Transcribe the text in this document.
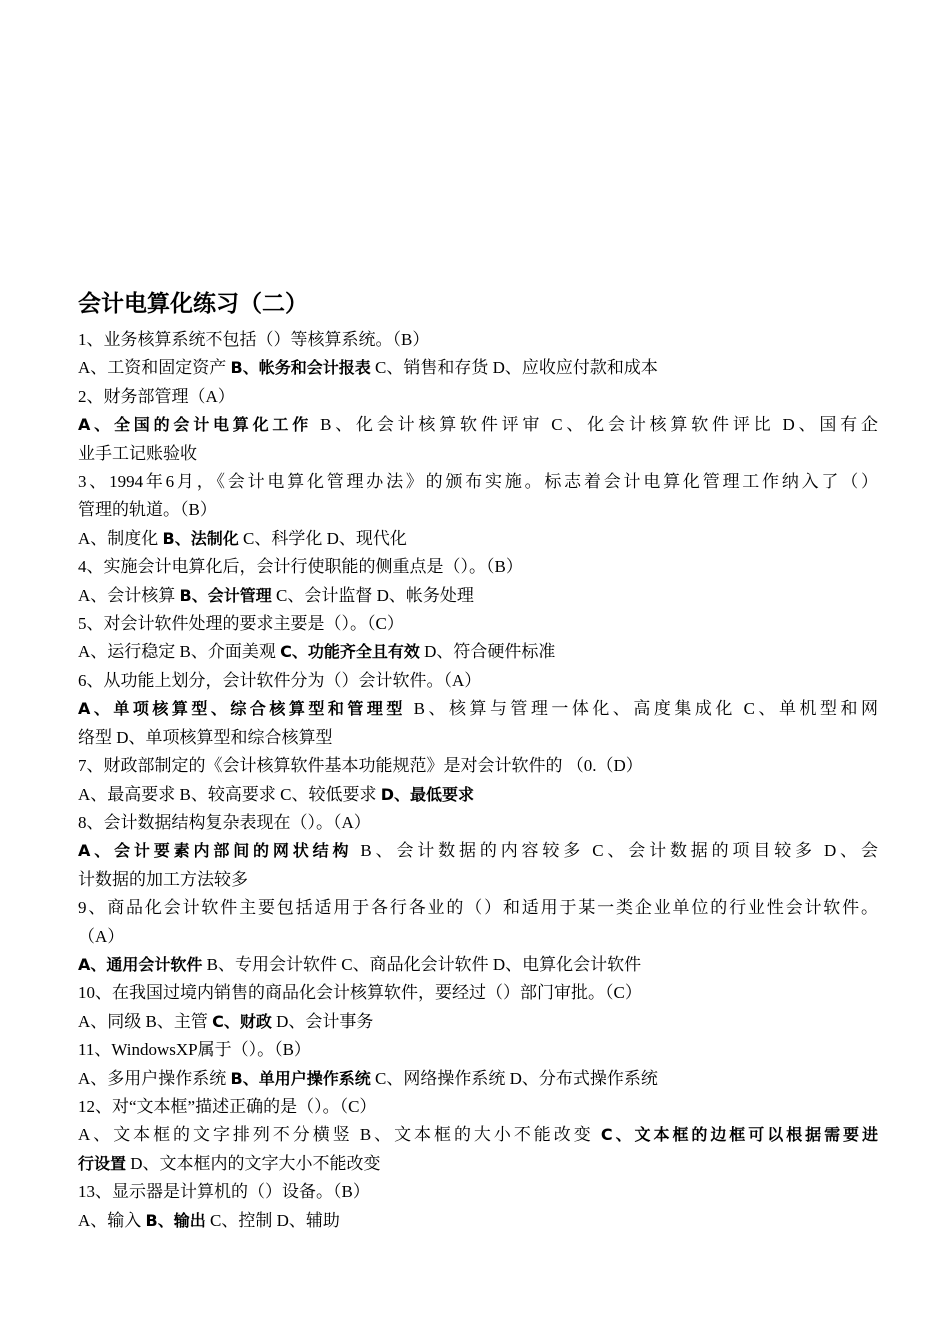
会计电算化练习（二）
1、业务核算系统不包括（）等核算系统。（B）
A、工资和固定资产 B、帐务和会计报表 C、销售和存货 D、应收应付款和成本
2、财务部管理（A）
A、全国的会计电算化工作 B、化会计核算软件评审 C、化会计核算软件评比 D、国有企
业手工记账验收
3、1994年6月，《会计电算化管理办法》的颁布实施。标志着会计电算化管理工作纳入了（）
管理的轨道。（B）
A、制度化 B、法制化 C、科学化 D、现代化
4、实施会计电算化后，会计行使职能的侧重点是（）。（B）
A、会计核算 B、会计管理 C、会计监督 D、帐务处理
5、对会计软件处理的要求主要是（）。（C）
A、运行稳定 B、介面美观 C、功能齐全且有效 D、符合硬件标准
6、从功能上划分，会计软件分为（）会计软件。（A）
A、单项核算型、综合核算型和管理型 B、核算与管理一体化、高度集成化 C、单机型和网
络型 D、单项核算型和综合核算型
7、财政部制定的《会计核算软件基本功能规范》是对会计软件的 （0.（D）
A、最高要求 B、较高要求 C、较低要求 D、最低要求
8、会计数据结构复杂表现在（）。（A）
A、会计要素内部间的网状结构 B、会计数据的内容较多 C、会计数据的项目较多 D、会
计数据的加工方法较多
9、商品化会计软件主要包括适用于各行各业的（）和适用于某一类企业单位的行业性会计软件。
（A）
A、通用会计软件 B、专用会计软件 C、商品化会计软件 D、电算化会计软件
10、在我国过境内销售的商品化会计核算软件，要经过（）部门审批。（C）
A、同级 B、主管 C、财政 D、会计事务
11、WindowsXP属于（）。（B）
A、多用户操作系统 B、单用户操作系统 C、网络操作系统 D、分布式操作系统
12、对“文本框”描述正确的是（）。（C）
A、文本框的文字排列不分横竖 B、文本框的大小不能改变 C、文本框的边框可以根据需要进
行设置 D、文本框内的文字大小不能改变
13、显示器是计算机的（）设备。（B）
A、输入 B、输出 C、控制 D、辅助
